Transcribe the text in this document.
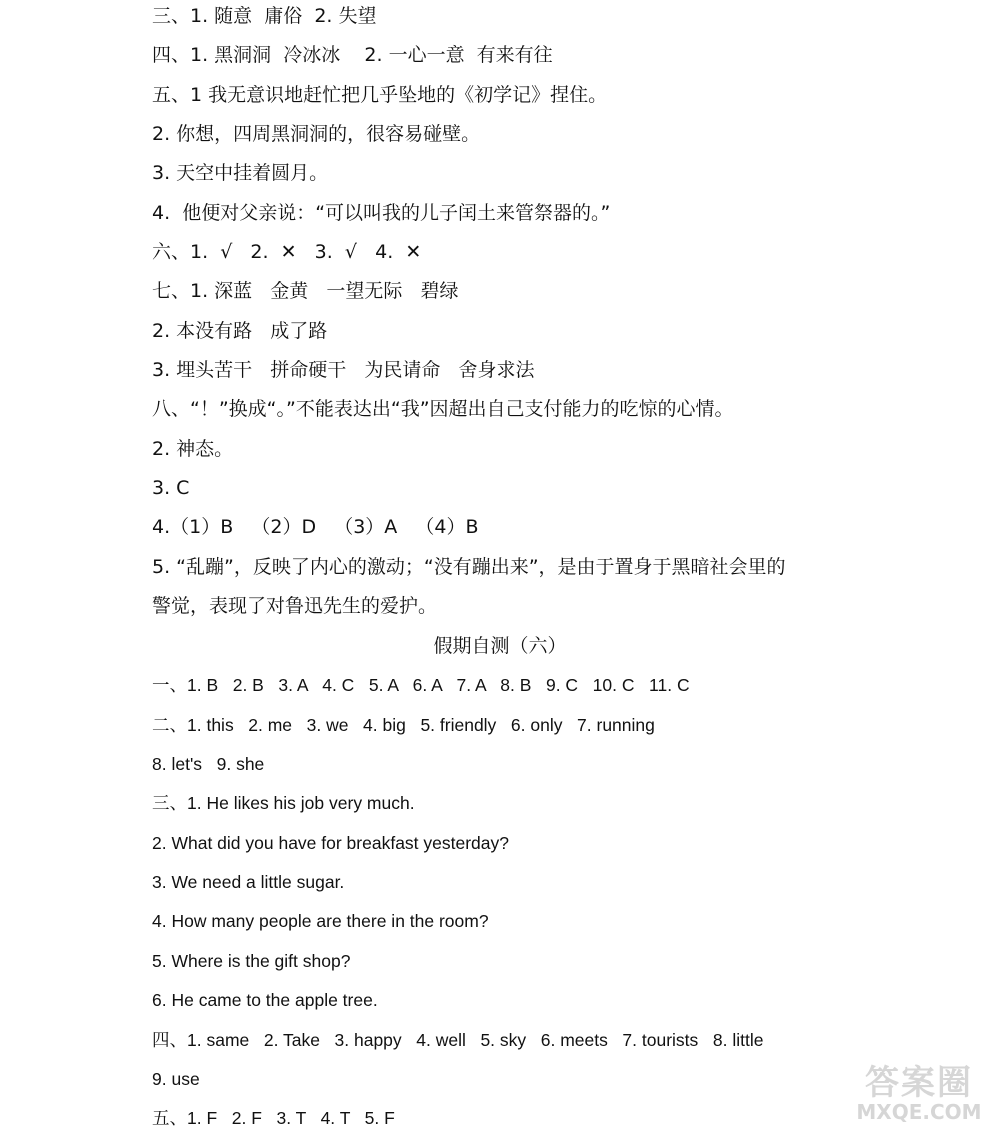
三、1. 随意  庸俗  2. 失望
四、1. 黑洞洞  冷冰冰    2. 一心一意  有来有往
五、1 我无意识地赶忙把几乎坠地的《初学记》捏住。
2. 你想，四周黑洞洞的，很容易碰壁。
3. 天空中挂着圆月。
4.  他便对父亲说：“可以叫我的儿子闰土来管祭器的。”
六、1.  √   2.  ✕   3.  √   4.  ✕
七、1. 深蓝   金黄   一望无际   碧绿
2. 本没有路   成了路
3. 埋头苦干   拼命硬干   为民请命   舍身求法
八、“！”换成“。”不能表达出“我”因超出自己支付能力的吃惊的心情。
2. 神态。
3. C
4.（1）B   （2）D   （3）A   （4）B
5. “乱蹦”，反映了内心的激动；“没有蹦出来”，是由于置身于黑暗社会里的
警觉，表现了对鲁迅先生的爱护。
假期自测（六）
一、1. B   2. B   3. A   4. C   5. A   6. A   7. A   8. B   9. C   10. C   11. C
二、1. this   2. me   3. we   4. big   5. friendly   6. only   7. running
8. let's   9. she
三、1. He likes his job very much.
2. What did you have for breakfast yesterday?
3. We need a little sugar.
4. How many people are there in the room?
5. Where is the gift shop?
6. He came to the apple tree.
四、1. same   2. Take   3. happy   4. well   5. sky   6. meets   7. tourists   8. little
9. use
五、1. F   2. F   3. T   4. T   5. F
答案圈
MXQE.COM
